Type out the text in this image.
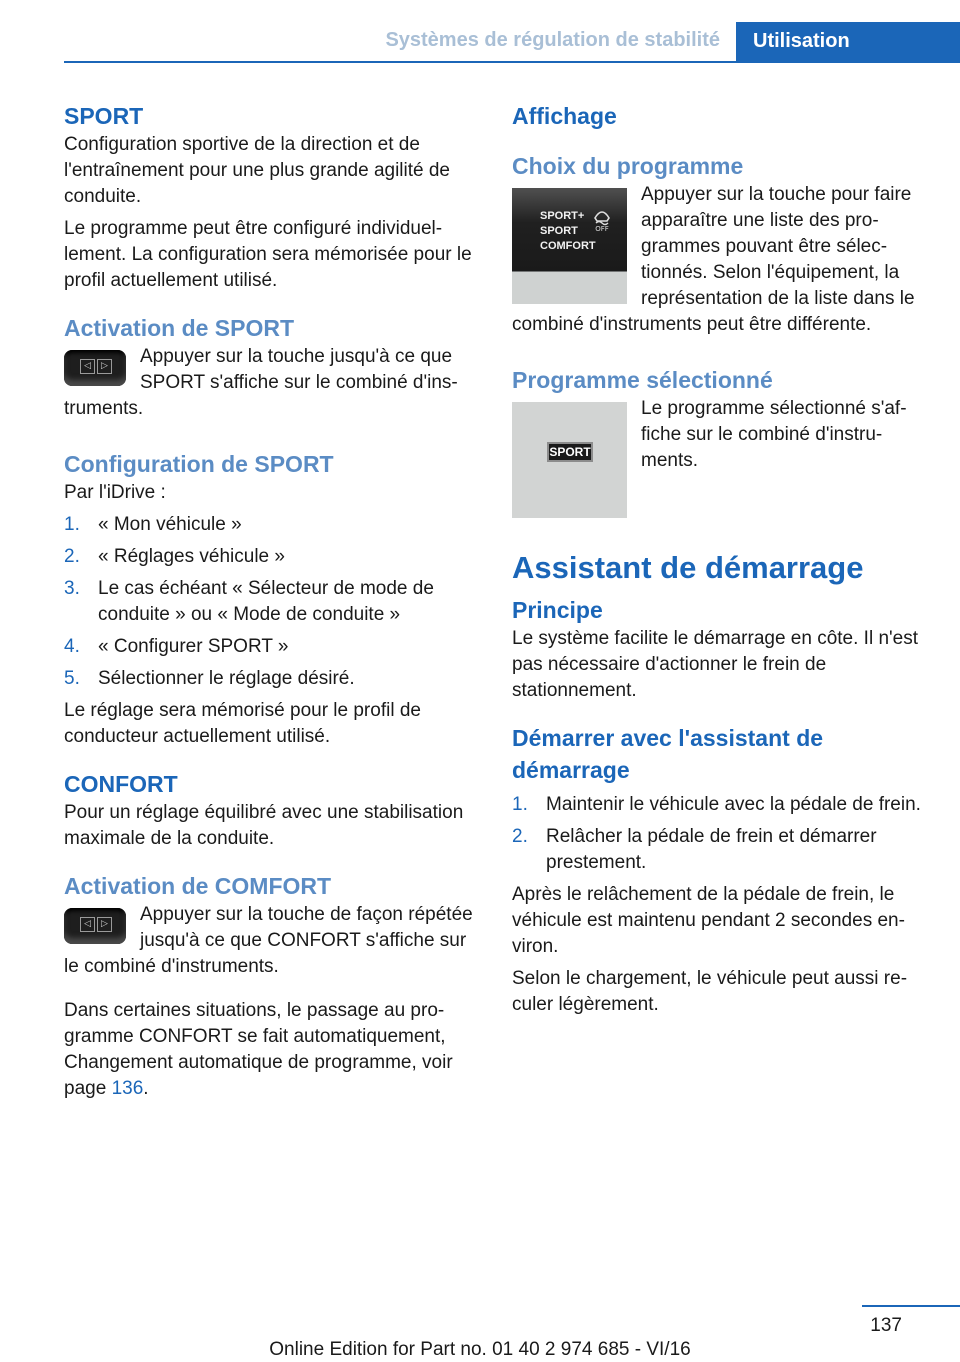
Systèmes de régulation de stabilité	Utilisation
SPORT

Configuration sportive de la direction et de l'entraînement pour une plus grande agilité de conduite.

Le programme peut être configuré individuellement. La configuration sera mémorisée pour le profil actuellement utilisé.

Activation de SPORT
◁	▷	Appuyer sur la touche jusqu'à ce que SPORT s'affiche sur le combiné d'instruments.

Configuration de SPORT

Par l'iDrive :

1. « Mon véhicule »
2. « Réglages véhicule »
3. Le cas échéant « Sélecteur de mode de conduite » ou « Mode de conduite »
4. « Configurer SPORT »
5. Sélectionner le réglage désiré.

Le réglage sera mémorisé pour le profil de conducteur actuellement utilisé.

CONFORT

Pour un réglage équilibré avec une stabilisation maximale de la conduite.

Activation de COMFORT
◁	▷	Appuyer sur la touche de façon répétée jusqu'à ce que CONFORT s'affiche sur le combiné d'instruments.

Dans certaines situations, le passage au programme CONFORT se fait automatiquement, Changement automatique de programme, voir page 136.

Affichage
Choix du programme
SPORT+
SPORT
COMFORT
OFF

Appuyer sur la touche pour faire apparaître une liste des programmes pouvant être sélectionnés. Selon l'équipement, la représentation de la liste dans le combiné d'instruments peut être différente.

Programme sélectionné
SPORT

Le programme sélectionné s'affiche sur le combiné d'instruments.

Assistant de démarrage
Principe

Le système facilite le démarrage en côte. Il n'est pas nécessaire d'actionner le frein de stationnement.

Démarrer avec l'assistant de démarrage
1. Maintenir le véhicule avec la pédale de frein.
2. Relâcher la pédale de frein et démarrer prestement.

Après le relâchement de la pédale de frein, le véhicule est maintenu pendant 2 secondes environ.

Selon le chargement, le véhicule peut aussi reculer légèrement.

137
Online Edition for Part no. 01 40 2 974 685 - VI/16
